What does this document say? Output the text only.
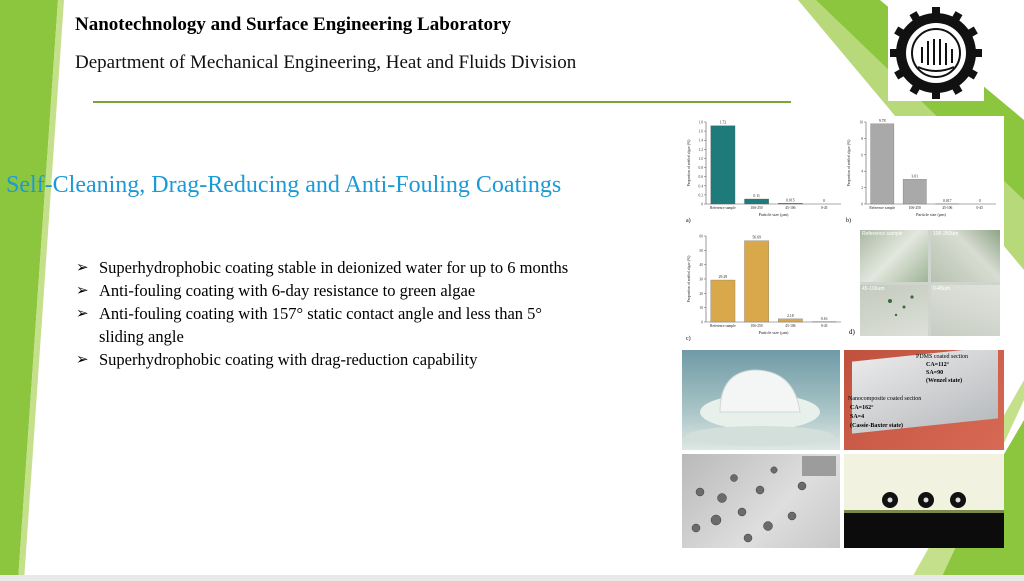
Nanotechnology and Surface Engineering Laboratory
Department of Mechanical Engineering, Heat and Fluids Division
Self-Cleaning, Drag-Reducing and Anti-Fouling Coatings
➢ Superhydrophobic coating stable in deionized water for up to 6 months
➢ Anti-fouling coating with 6-day resistance to green algae
➢ Anti-fouling coating with 157° static contact angle and less than 5° sliding angle
➢ Superhydrophobic coating with drag-reduction capability
0
0.2
0.4
0.6
0.8
1.0
1.2
1.4
1.6
1.8	1.72
Reference sample
0.11
106-250
0.015
45-106
0
0-45
Particle size (µm)
Proportion of settled algae (%)
a)
0
2
4
6
8
10	9.78
Reference sample
3.01
106-250
0.017
45-106
0
0-45
Particle size (µm)
Proportion of settled algae (%)
b)
0
10
20
30
40
50
60
29.29
Reference sample
56.69
106-250
2.18
45-106
0.16
0-45
Particle size (µm)
Proportion of settled algae (%)
c)
Reference sample	106-250um
45-106um	0-45um
d)
PDMS coated section
CA=112°
SA=90
(Wenzel state)
Nanocomposite coated section
CA=162°
SA=4
(Cassie-Baxter state)
